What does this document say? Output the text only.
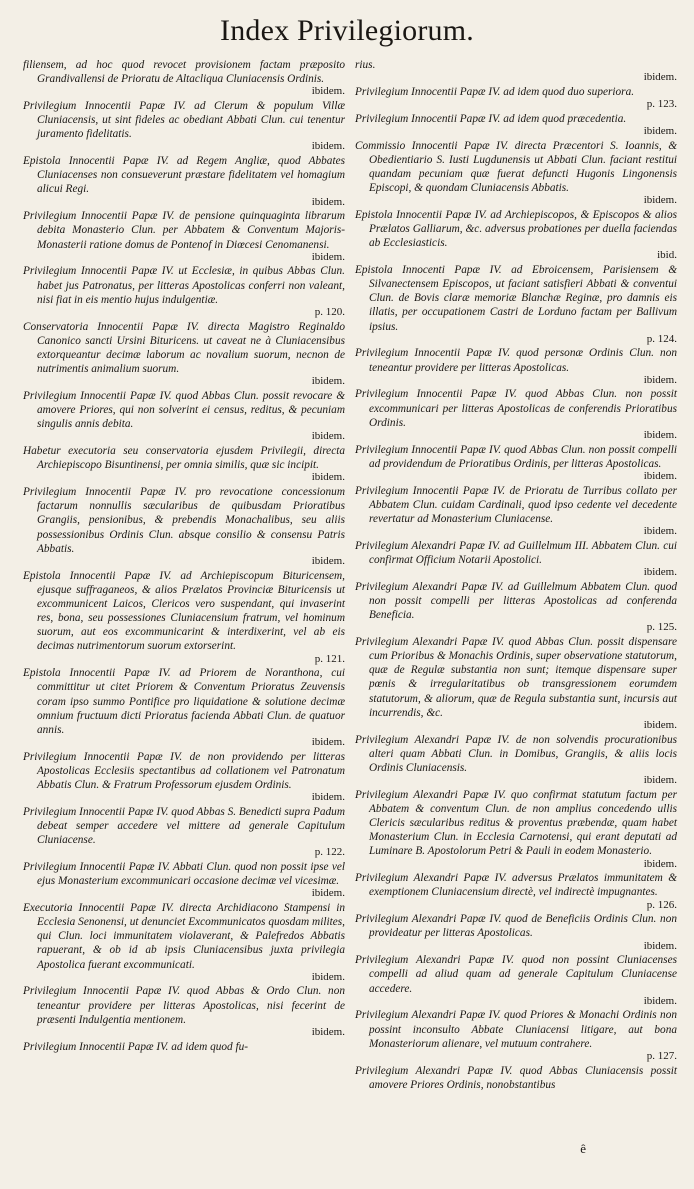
Index Privilegiorum.
filiensem, ad hoc quod revocet provisionem factam præposito Grandivallensi de Prioratu de Altacliqua Cluniacensis Ordinis.
ibidem.
Privilegium Innocentii Papæ IV. ad Clerum & populum Villæ Cluniacensis, ut sint fideles ac obediant Abbati Clun. cui tenentur juramento fidelitatis.
ibidem.
Epistola Innocentii Papæ IV. ad Regem Angliæ, quod Abbates Cluniacenses non consueverunt præstare fidelitatem vel homagium alicui Regi.
ibidem.
Privilegium Innocentii Papæ IV. de pensione quinquaginta librarum debita Monasterio Clun. per Abbatem & Conventum Majoris-Monasterii ratione domus de Pontenof in Diœcesi Cenomanensi.
ibidem.
Privilegium Innocentii Papæ IV. ut Ecclesiæ, in quibus Abbas Clun. habet jus Patronatus, per litteras Apostolicas conferri non valeant, nisi fiat in eis mentio hujus indulgentiæ.
p. 120.
Conservatoria Innocentii Papæ IV. directa Magistro Reginaldo Canonico sancti Ursini Bituricens. ut caveat ne à Cluniacensibus extorqueantur decimæ laborum ac novalium suorum, necnon de nutrimentis animalium suorum.
ibidem.
Privilegium Innocentii Papæ IV. quod Abbas Clun. possit revocare & amovere Priores, qui non solverint ei census, reditus, & pecuniam singulis annis debita.
ibidem.
Habetur executoria seu conservatoria ejusdem Privilegii, directa Archiepiscopo Bisuntinensi, per omnia similis, quæ sic incipit.
ibidem.
Privilegium Innocentii Papæ IV. pro revocatione concessionum factarum nonnullis sæcularibus de quibusdam Prioratibus Grangiis, pensionibus, & prebendis Monachalibus, seu aliis possessionibus Ordinis Clun. absque consilio & consensu Patris Abbatis.
ibidem.
Epistola Innocentii Papæ IV. ad Archiepiscopum Bituricensem, ejusque suffraganeos, & alios Prælatos Provinciæ Bituricensis ut excommunicent Laicos, Clericos vero suspendant, qui invaserint res, bona, seu possessiones Cluniacensium fratrum, vel hominum suorum, aut eos excommunicarint & interdixerint, vel ab eis decimas nutrimentorum suorum extorserint.
p. 121.
Epistola Innocentii Papæ IV. ad Priorem de Noranthona, cui committitur ut citet Priorem & Conventum Prioratus Zeuvensis coram ipso summo Pontifice pro liquidatione & solutione decimæ omnium fructuum dicti Prioratus facienda Abbati Clun. de quatuor annis.
ibidem.
Privilegium Innocentii Papæ IV. de non providendo per litteras Apostolicas Ecclesiis spectantibus ad collationem vel Patronatum Abbatis Clun. & Fratrum Professorum ejusdem Ordinis.
ibidem.
Privilegium Innocentii Papæ IV. quod Abbas S. Benedicti supra Padum debeat semper accedere vel mittere ad generale Capitulum Cluniacense.
p. 122.
Privilegium Innocentii Papæ IV. Abbati Clun. quod non possit ipse vel ejus Monasterium excommunicari occasione decimæ vel vicesimæ.
ibidem.
Executoria Innocentii Papæ IV. directa Archidiacono Stampensi in Ecclesia Senonensi, ut denunciet Excommunicatos quosdam milites, qui Clun. loci immunitatem violaverant, & Palefredos Abbatis rapuerant, & ob id ab ipsis Cluniacensibus juxta privilegia Apostolica fuerant excommunicati.
ibidem.
Privilegium Innocentii Papæ IV. quod Abbas & Ordo Clun. non teneantur providere per litteras Apostolicas, nisi fecerint de præsenti Indulgentia mentionem.
ibidem.
Privilegium Innocentii Papæ IV. ad idem quod fu-
rius.
ibidem.
Privilegium Innocentii Papæ IV. ad idem quod duo superiora.
p. 123.
Privilegium Innocentii Papæ IV. ad idem quod præcedentia.
ibidem.
Commissio Innocentii Papæ IV. directa Præcentori S. Ioannis, & Obedientiario S. Iusti Lugdunensis ut Abbati Clun. faciant restitui quandam pecuniam quæ fuerat defuncti Hugonis Lingonensis Episcopi, & quondam Cluniacensis Abbatis.
ibidem.
Epistola Innocentii Papæ IV. ad Archiepiscopos, & Episcopos & alios Prælatos Galliarum, &c. adversus probationes per duella faciendas ab Ecclesiasticis.
ibid.
Epistola Innocenti Papæ IV. ad Ebroicensem, Parisiensem & Silvanectensem Episcopos, ut faciant satisfieri Abbati & conventui Clun. de Bovis claræ memoriæ Blanchæ Reginæ, pro damnis eis illatis, per occupationem Castri de Lorduno factam per Ballivum ipsius.
p. 124.
Privilegium Innocentii Papæ IV. quod personæ Ordinis Clun. non teneantur providere per litteras Apostolicas.
ibidem.
Privilegium Innocentii Papæ IV. quod Abbas Clun. non possit excommunicari per litteras Apostolicas de conferendis Prioratibus Ordinis.
ibidem.
Privilegium Innocentii Papæ IV. quod Abbas Clun. non possit compelli ad providendum de Prioratibus Ordinis, per litteras Apostolicas.
ibidem.
Privilegium Innocentii Papæ IV. de Prioratu de Turribus collato per Abbatem Clun. cuidam Cardinali, quod ipso cedente vel decedente revertatur ad Monasterium Cluniacense.
ibidem.
Privilegium Alexandri Papæ IV. ad Guillelmum III. Abbatem Clun. cui confirmat Officium Notarii Apostolici.
ibidem.
Privilegium Alexandri Papæ IV. ad Guillelmum Abbatem Clun. quod non possit compelli per litteras Apostolicas ad conferenda Beneficia.
p. 125.
Privilegium Alexandri Papæ IV. quod Abbas Clun. possit dispensare cum Prioribus & Monachis Ordinis, super observatione statutorum, quæ de Regulæ substantia non sunt; itemque dispensare super pœnis & irregularitatibus ob transgressionem eorumdem statutorum, & aliorum, quæ de Regula substantia sunt, incursis aut incurrendis, &c.
ibidem.
Privilegium Alexandri Papæ IV. de non solvendis procurationibus alteri quam Abbati Clun. in Domibus, Grangiis, & aliis locis Ordinis Cluniacensis.
ibidem.
Privilegium Alexandri Papæ IV. quo confirmat statutum factum per Abbatem & conventum Clun. de non amplius concedendo ullis Clericis sæcularibus reditus & proventus præbendæ, quam habet Monasterium Clun. in Ecclesia Carnotensi, qui erant deputati ad Luminare B. Apostolorum Petri & Pauli in eodem Monasterio.
ibidem.
Privilegium Alexandri Papæ IV. adversus Prælatos immunitatem & exemptionem Cluniacensium directè, vel indirectè impugnantes.
p. 126.
Privilegium Alexandri Papæ IV. quod de Beneficiis Ordinis Clun. non provideatur per litteras Apostolicas.
ibidem.
Privilegium Alexandri Papæ IV. quod non possint Cluniacenses compelli ad aliud quam ad generale Capitulum Cluniacense accedere.
ibidem.
Privilegium Alexandri Papæ IV. quod Priores & Monachi Ordinis non possint inconsulto Abbate Cluniacensi litigare, aut bona Monasteriorum alienare, vel mutuum contrahere.
p. 127.
Privilegium Alexandri Papæ IV. quod Abbas Cluniacensis possit amovere Priores Ordinis, nonobstantibus
ê
